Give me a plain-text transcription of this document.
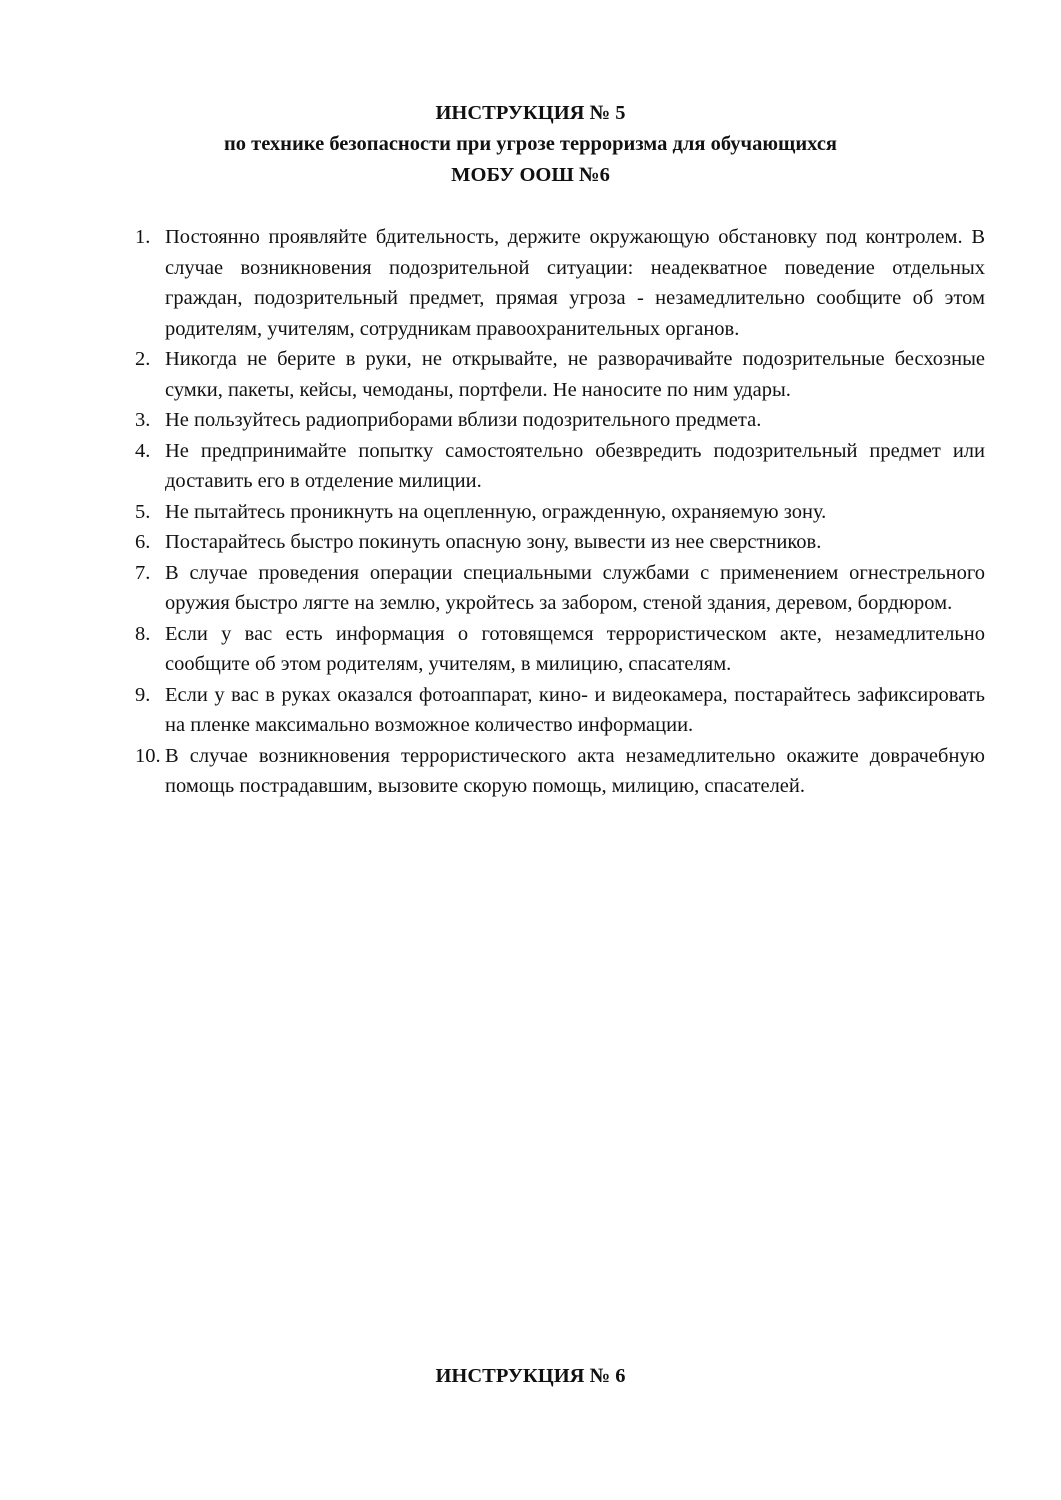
ИНСТРУКЦИЯ № 5
по технике безопасности при угрозе терроризма для обучающихся
МОБУ ООШ №6
1. Постоянно проявляйте бдительность, держите окружающую обстановку под контролем. В случае возникновения подозрительной ситуации: неадекватное поведение отдельных граждан, подозрительный предмет, прямая угроза - незамедлительно сообщите об этом родителям, учителям, сотрудникам правоохранительных органов.
2. Никогда не берите в руки, не открывайте, не разворачивайте подозрительные бесхозные сумки, пакеты, кейсы, чемоданы, портфели. Не наносите по ним удары.
3. Не пользуйтесь радиоприборами вблизи подозрительного предмета.
4. Не предпринимайте попытку самостоятельно обезвредить подозрительный предмет или доставить его в отделение милиции.
5. Не пытайтесь проникнуть на оцепленную, огражденную, охраняемую зону.
6. Постарайтесь быстро покинуть опасную зону, вывести из нее сверстников.
7. В случае проведения операции специальными службами с применением огнестрельного оружия быстро лягте на землю, укройтесь за забором, стеной здания, деревом, бордюром.
8. Если у вас есть информация о готовящемся террористическом акте, незамедлительно сообщите об этом родителям, учителям, в милицию, спасателям.
9. Если у вас в руках оказался фотоаппарат, кино- и видеокамера, постарайтесь зафиксировать на пленке максимально возможное количество информации.
10. В случае возникновения террористического акта незамедлительно окажите доврачебную помощь пострадавшим, вызовите скорую помощь, милицию, спасателей.
ИНСТРУКЦИЯ № 6
